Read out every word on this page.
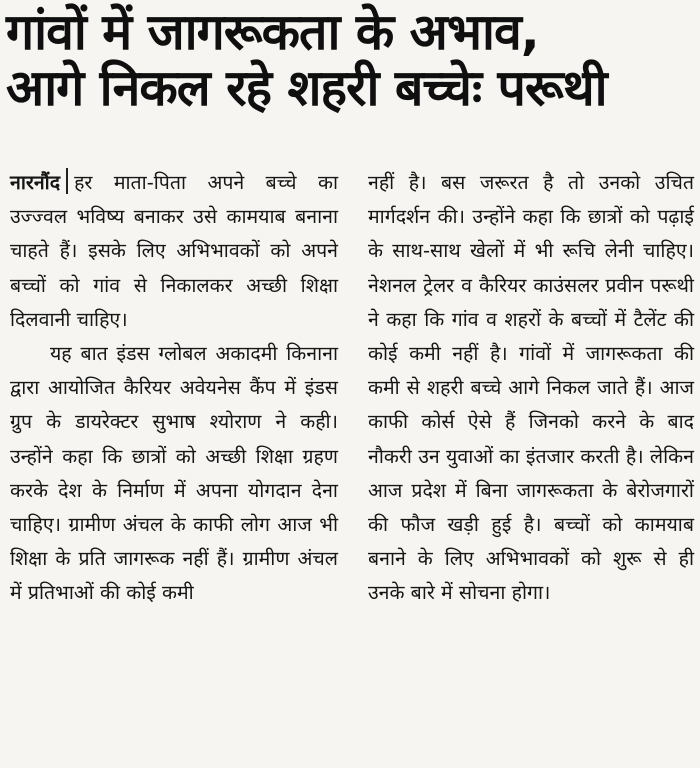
गांवों में जागरूकता के अभाव,
आगे निकल रहे शहरी बच्चेः परूथी

नारनौंद हर माता-पिता अपने बच्चे का उज्ज्वल भविष्य बनाकर उसे कामयाब बनाना चाहते हैं। इसके लिए अभिभावकों को अपने बच्चों को गांव से निकालकर अच्छी शिक्षा दिलवानी चाहिए।

यह बात इंडस ग्लोबल अकादमी किनाना द्वारा आयोजित कैरियर अवेयनेस कैंप में इंडस ग्रुप के डायरेक्टर सुभाष श्योराण ने कही। उन्होंने कहा कि छात्रों को अच्छी शिक्षा ग्रहण करके देश के निर्माण में अपना योगदान देना चाहिए। ग्रामीण अंचल के काफी लोग आज भी शिक्षा के प्रति जागरूक नहीं हैं। ग्रामीण अंचल में प्रतिभाओं की कोई कमी

नहीं है। बस जरूरत है तो उनको उचित मार्गदर्शन की। उन्होंने कहा कि छात्रों को पढ़ाई के साथ-साथ खेलों में भी रूचि लेनी चाहिए। नेशनल ट्रेलर व कैरियर काउंसलर प्रवीन परूथी ने कहा कि गांव व शहरों के बच्चों में टैलेंट की कोई कमी नहीं है। गांवों में जागरूकता की कमी से शहरी बच्चे आगे निकल जाते हैं। आज काफी कोर्स ऐसे हैं जिनको करने के बाद नौकरी उन युवाओं का इंतजार करती है। लेकिन आज प्रदेश में बिना जागरूकता के बेरोजगारों की फौज खड़ी हुई है। बच्चों को कामयाब बनाने के लिए अभिभावकों को शुरू से ही उनके बारे में सोचना होगा।
